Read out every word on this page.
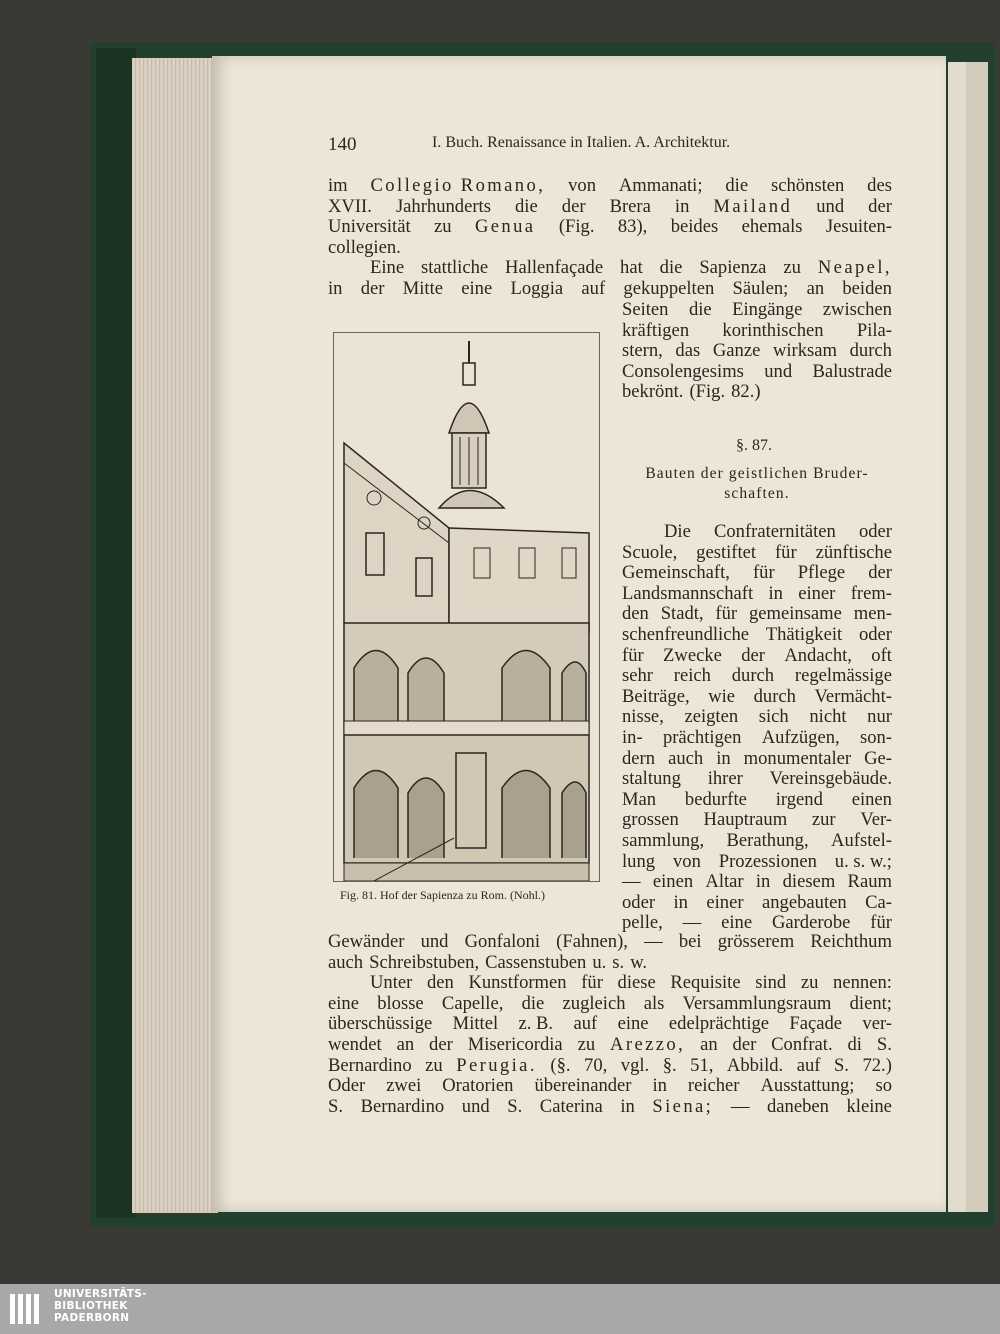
140	I. Buch. Renaissance in Italien. A. Architektur.
im Collegio Romano, von Ammanati; die schönsten des
XVII. Jahrhunderts die der Brera in Mailand und der
Universität zu Genua (Fig. 83), beides ehemals Jesuiten-
collegien.
Eine stattliche Hallenfaçade hat die Sapienza zu Neapel,
in der Mitte eine Loggia auf gekuppelten Säulen; an beiden
Seiten die Eingänge zwischen
kräftigen korinthischen Pila-
stern, das Ganze wirksam durch
Consolengesims und Balustrade
bekrönt. (Fig. 82.)
§. 87.
Bauten der geistlichen Bruder-
schaften.
Die Confraternitäten oder
Scuole, gestiftet für zünftische
Gemeinschaft, für Pflege der
Landsmannschaft in einer frem-
den Stadt, für gemeinsame men-
schenfreundliche Thätigkeit oder
für Zwecke der Andacht, oft
sehr reich durch regelmässige
Beiträge, wie durch Vermächt-
nisse, zeigten sich nicht nur
in- prächtigen Aufzügen, son-
dern auch in monumentaler Ge-
staltung ihrer Vereinsgebäude.
Man bedurfte irgend einen
grossen Hauptraum zur Ver-
sammlung, Berathung, Aufstel-
lung von Prozessionen u. s. w.;
— einen Altar in diesem Raum
oder in einer angebauten Ca-
pelle, — eine Garderobe für
Fig. 81. Hof der Sapienza zu Rom. (Nohl.)
Gewänder und Gonfaloni (Fahnen), — bei grösserem Reichthum
auch Schreibstuben, Cassenstuben u. s. w.
Unter den Kunstformen für diese Requisite sind zu nennen:
eine blosse Capelle, die zugleich als Versammlungsraum dient;
überschüssige Mittel z. B. auf eine edelprächtige Façade ver-
wendet an der Misericordia zu Arezzo, an der Confrat. di S.
Bernardino zu Perugia. (§. 70, vgl. §. 51, Abbild. auf S. 72.)
Oder zwei Oratorien übereinander in reicher Ausstattung; so
S. Bernardino und S. Caterina in Siena; — daneben kleine
UNIVERSITÄTS-
BIBLIOTHEK
PADERBORN
